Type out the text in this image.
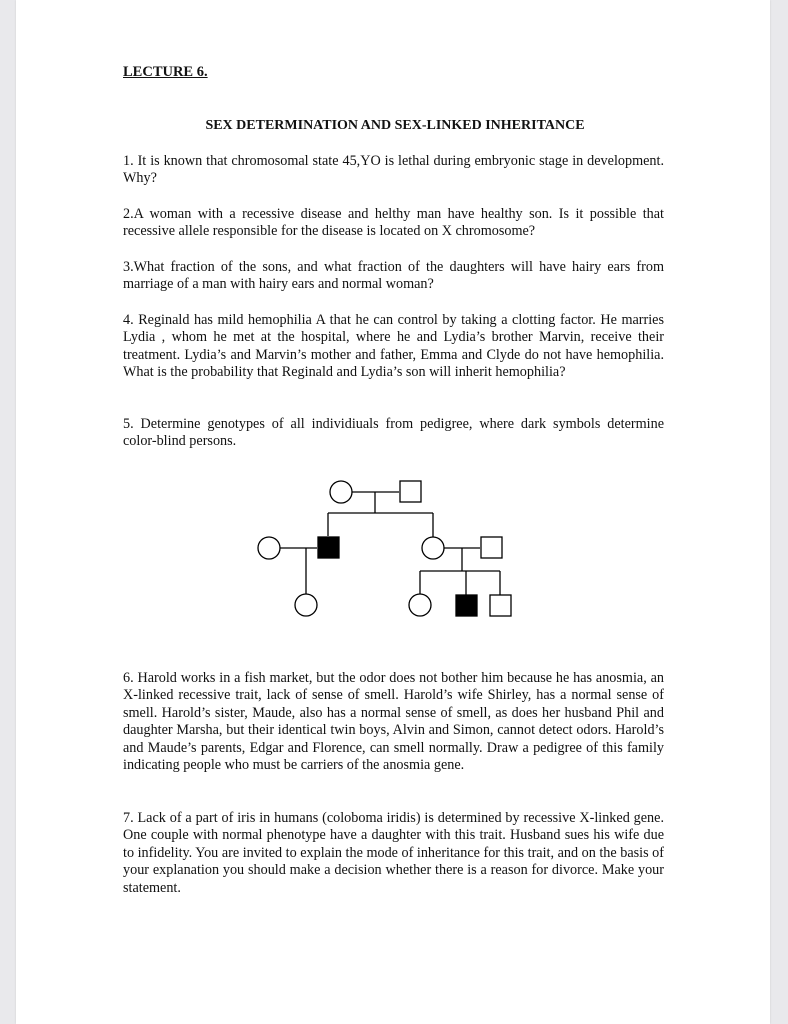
LECTURE 6.

SEX DETERMINATION AND SEX-LINKED INHERITANCE

1. It is known that chromosomal state 45,YO is lethal during embryonic stage in development. Why?

2.A woman with a recessive disease and helthy man have healthy son. Is it possible that recessive allele responsible for the disease is located on X chromosome?

3.What fraction of the sons, and what fraction of the daughters will have hairy ears from marriage of a man with hairy ears and normal woman?

4. Reginald has mild hemophilia A that he can control by taking a clotting factor. He marries Lydia , whom he met at the hospital, where he and Lydia’s brother Marvin, receive their treatment. Lydia’s and Marvin’s mother and father, Emma and Clyde do not have hemophilia. What is the probability that Reginald and Lydia’s son will inherit hemophilia?

5. Determine genotypes of all individiuals from pedigree, where dark symbols determine color-blind persons.

6. Harold works in a fish market, but the odor does not bother him because he has anosmia, an X-linked recessive trait, lack of sense of smell. Harold’s wife Shirley, has a normal sense of smell. Harold’s sister, Maude, also has a normal sense of smell, as does her husband Phil and daughter Marsha, but their identical twin boys, Alvin and Simon, cannot detect odors. Harold’s and Maude’s parents, Edgar and Florence, can smell normally. Draw a pedigree of this family indicating people who must be carriers of the anosmia gene.

7. Lack of a part of iris in humans (coloboma iridis) is determined by recessive X-linked gene. One couple with normal phenotype have a daughter with this trait. Husband sues his wife due to infidelity. You are invited to explain the mode of inheritance for this trait, and on the basis of your explanation you should make a decision whether there is a reason for divorce. Make your statement.
